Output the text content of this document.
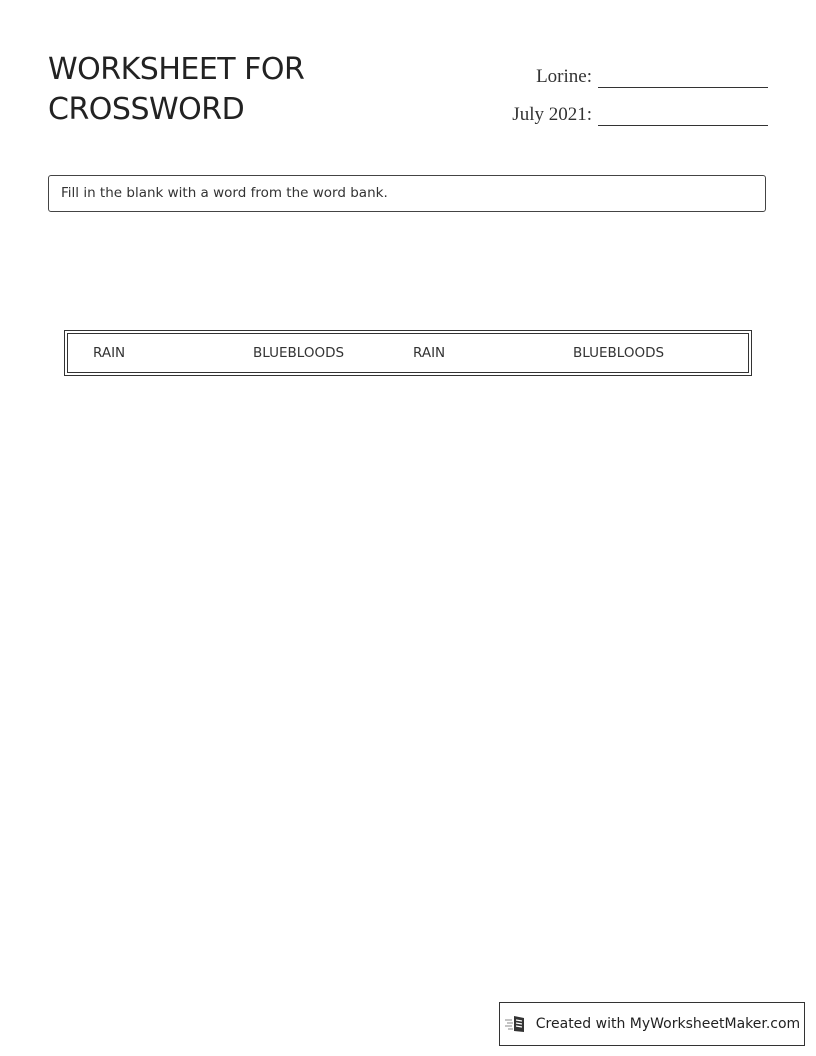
WORKSHEET FOR
CROSSWORD
Lorine:
July 2021:
Fill in the blank with a word from the word bank.
RAIN	BLUEBLOODS	RAIN	BLUEBLOODS
Created with MyWorksheetMaker.com
